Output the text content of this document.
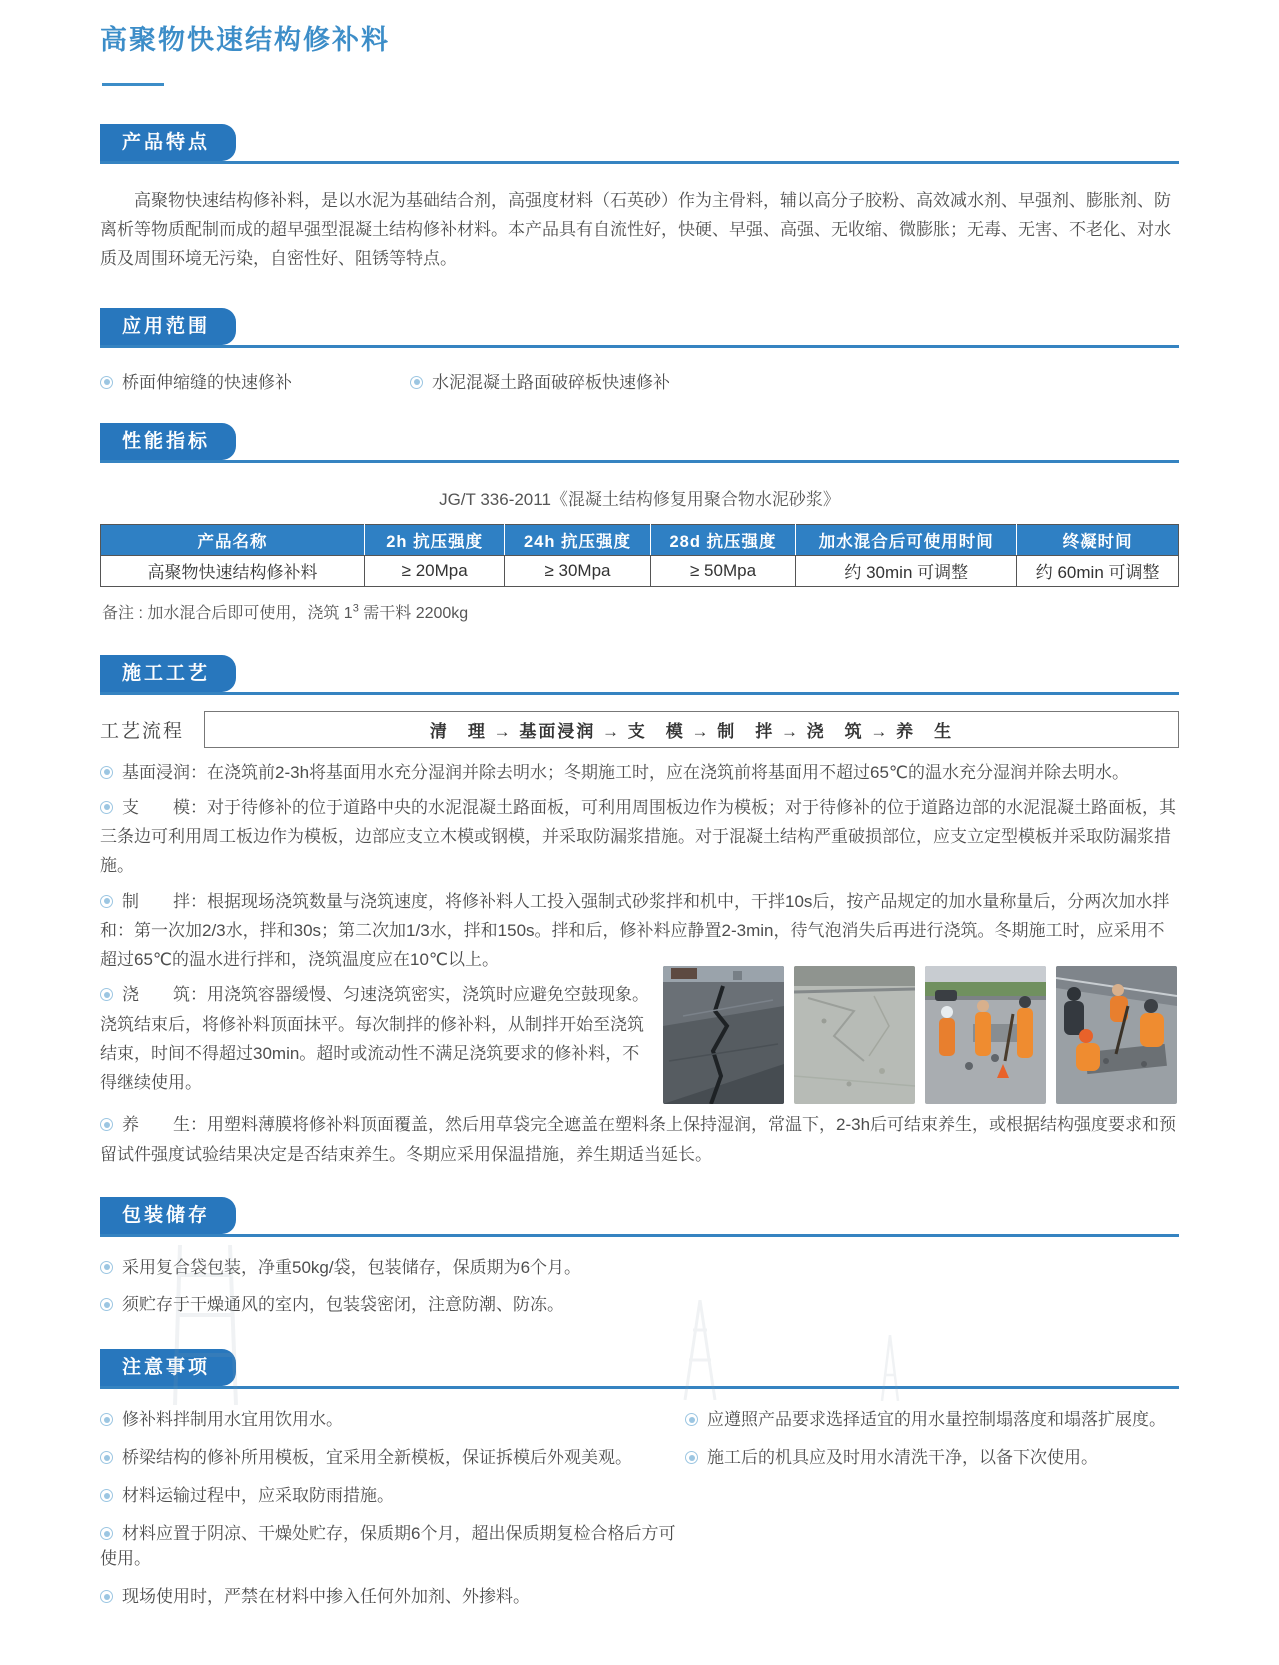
高聚物快速结构修补料
产品特点

高聚物快速结构修补料，是以水泥为基础结合剂，高强度材料（石英砂）作为主骨料，辅以高分子胶粉、高效减水剂、早强剂、膨胀剂、防离析等物质配制而成的超早强型混凝土结构修补材料。本产品具有自流性好，快硬、早强、高强、无收缩、微膨胀；无毒、无害、不老化、对水质及周围环境无污染，自密性好、阻锈等特点。

应用范围
桥面伸缩缝的快速修补	水泥混凝土路面破碎板快速修补
性能指标
JG/T 336-2011《混凝土结构修复用聚合物水泥砂浆》
产品名称	2h 抗压强度	24h 抗压强度	28d 抗压强度	加水混合后可使用时间	终凝时间
高聚物快速结构修补料	≥ 20Mpa	≥ 30Mpa	≥ 50Mpa	约 30min 可调整	约 60min 可调整
备注 : 加水混合后即可使用，浇筑 $1^3$ 需干料 2200kg
施工工艺
工艺流程	清　理 → 基面浸润 → 支　模 → 制　拌 → 浇　筑 → 养　生

基面浸润：在浇筑前2-3h将基面用水充分湿润并除去明水；冬期施工时，应在浇筑前将基面用不超过65℃的温水充分湿润并除去明水。

支　　模：对于待修补的位于道路中央的水泥混凝土路面板，可利用周围板边作为模板；对于待修补的位于道路边部的水泥混凝土路面板，其三条边可利用周工板边作为模板，边部应支立木模或钢模，并采取防漏浆措施。对于混凝土结构严重破损部位，应支立定型模板并采取防漏浆措施。

制　　拌：根据现场浇筑数量与浇筑速度，将修补料人工投入强制式砂浆拌和机中，干拌10s后，按产品规定的加水量称量后，分两次加水拌和：第一次加2/3水，拌和30s；第二次加1/3水，拌和150s。拌和后，修补料应静置2-3min，待气泡消失后再进行浇筑。冬期施工时，应采用不超过65℃的温水进行拌和，浇筑温度应在10℃以上。

浇　　筑：用浇筑容器缓慢、匀速浇筑密实，浇筑时应避免空鼓现象。浇筑结束后，将修补料顶面抹平。每次制拌的修补料，从制拌开始至浇筑结束，时间不得超过30min。超时或流动性不满足浇筑要求的修补料，不得继续使用。

养　　生：用塑料薄膜将修补料顶面覆盖，然后用草袋完全遮盖在塑料条上保持湿润，常温下，2-3h后可结束养生，或根据结构强度要求和预留试件强度试验结果决定是否结束养生。冬期应采用保温措施，养生期适当延长。

包装储存
采用复合袋包装，净重50kg/袋，包装储存，保质期为6个月。
须贮存于干燥通风的室内，包装袋密闭，注意防潮、防冻。
注意事项
修补料拌制用水宜用饮用水。	应遵照产品要求选择适宜的用水量控制塌落度和塌落扩展度。
桥梁结构的修补所用模板，宜采用全新模板，保证拆模后外观美观。	施工后的机具应及时用水清洗干净，以备下次使用。
材料运输过程中，应采取防雨措施。
材料应置于阴凉、干燥处贮存，保质期6个月，超出保质期复检合格后方可使用。
现场使用时，严禁在材料中掺入任何外加剂、外掺料。
